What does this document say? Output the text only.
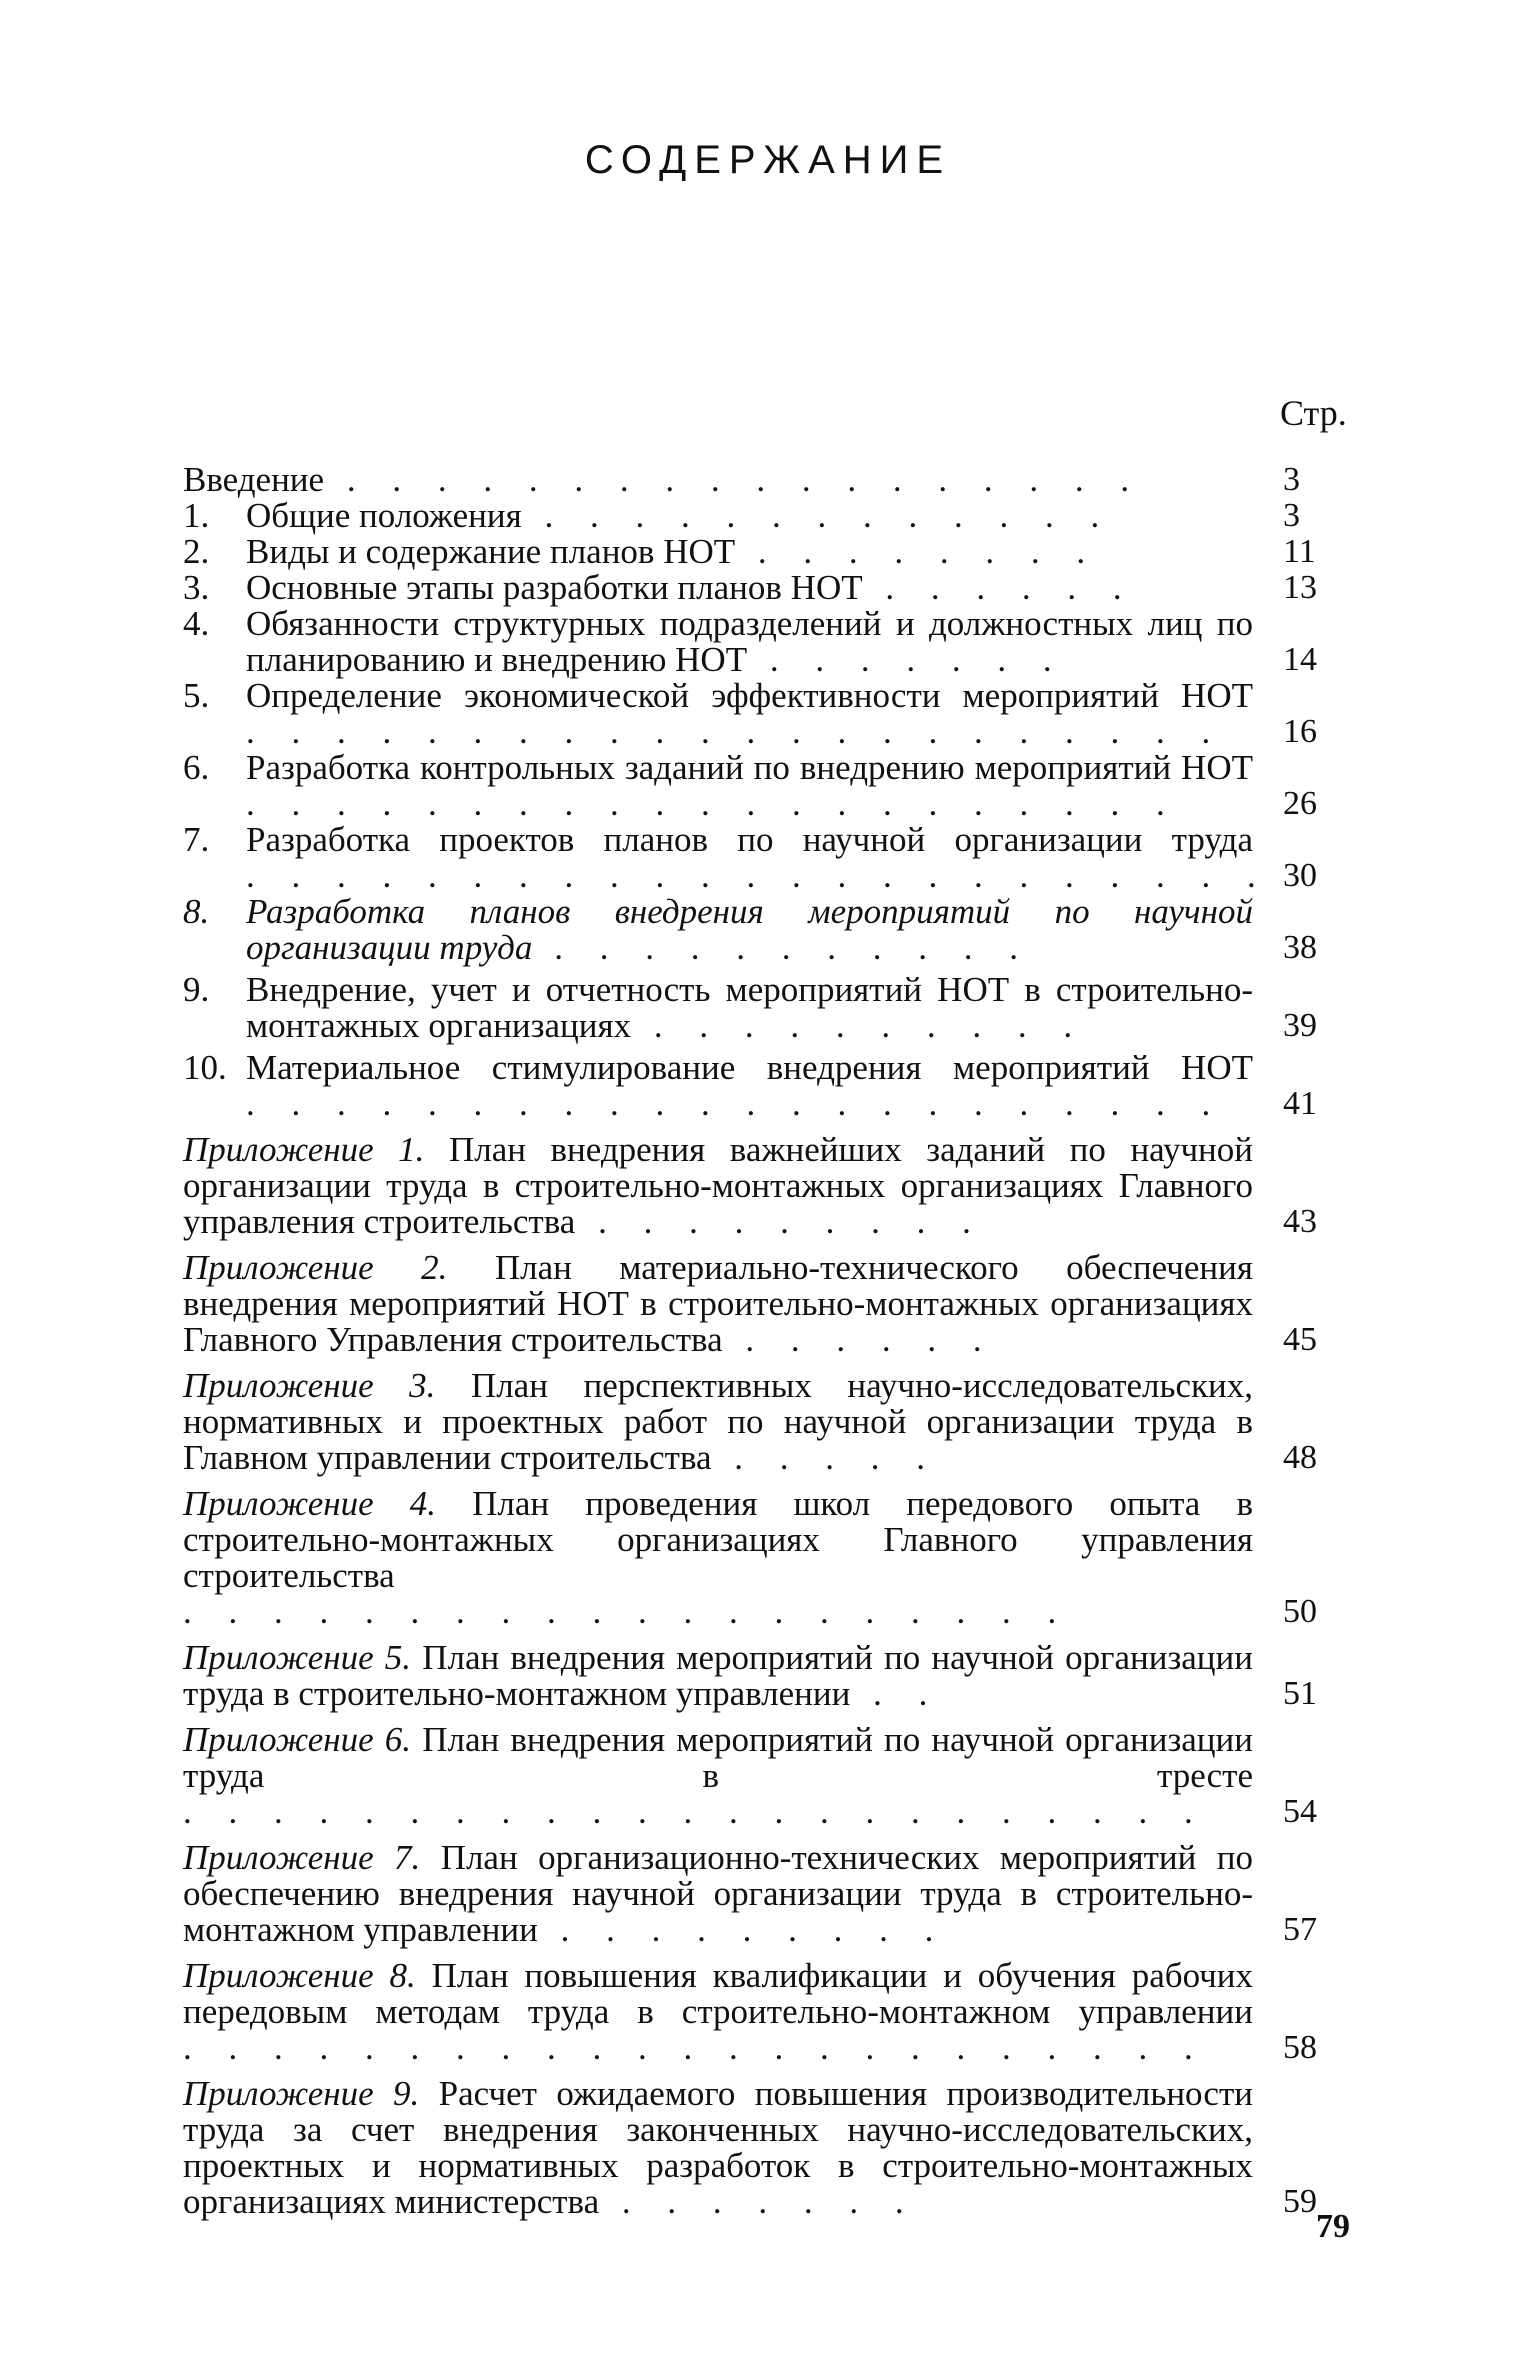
СОДЕРЖАНИЕ
Стр.
Введение . . . . . . . . . . . . . . . . . .	3
1. Общие положения . . . . . . . . . . . . .	3
2. Виды и содержание планов НОТ . . . . . . . .	11
3. Основные этапы разработки планов НОТ . . . . . .	13
4. Обязанности структурных подразделений и должностных лиц по планированию и внедрению НОТ . . . . . . .	14
5. Определение экономической эффективности мероприятий НОТ . . . . . . . . . . . . . . . . . . . . . .	16
6. Разработка контрольных заданий по внедрению мероприятий НОТ . . . . . . . . . . . . . . . . . . . . .	26
7. Разработка проектов планов по научной организации труда . . . . . . . . . . . . . . . . . . . . . . . 30
8. Разработка планов внедрения мероприятий по научной организации труда . . . . . . . . . . .	38
9. Внедрение, учет и отчетность мероприятий НОТ в строительно-монтажных организациях . . . . . . . . . .	39
10. Материальное стимулирование внедрения мероприятий НОТ . . . . . . . . . . . . . . . . . . . . . .	41
Приложение 1. План внедрения важнейших заданий по научной организации труда в строительно-монтажных организациях Главного управления строительства . . . . . . . . .	43
Приложение 2. План материально-технического обеспечения внедрения мероприятий НОТ в строительно-монтажных организациях Главного Управления строительства . . . . . .	45
Приложение 3. План перспективных научно-исследовательских, нормативных и проектных работ по научной организации труда в Главном управлении строительства . . . . .	48
Приложение 4. План проведения школ передового опыта в строительно-монтажных организациях Главного управления строительства . . . . . . . . . . . . . . . . . . . .	50
Приложение 5. План внедрения мероприятий по научной организации труда в строительно-монтажном управлении . .	51
Приложение 6. План внедрения мероприятий по научной организации труда в тресте . . . . . . . . . . . . . . . . . . . . . . .	54
Приложение 7. План организационно-технических мероприятий по обеспечению внедрения научной организации труда в строительно-монтажном управлении . . . . . . . . .	57
Приложение 8. План повышения квалификации и обучения рабочих передовым методам труда в строительно-монтажном управлении . . . . . . . . . . . . . . . . . . . . . . .	58
Приложение 9. Расчет ожидаемого повышения производительности труда за счет внедрения законченных научно-исследовательских, проектных и нормативных разработок в строительно-монтажных организациях министерства . . . . . . .	59
79
